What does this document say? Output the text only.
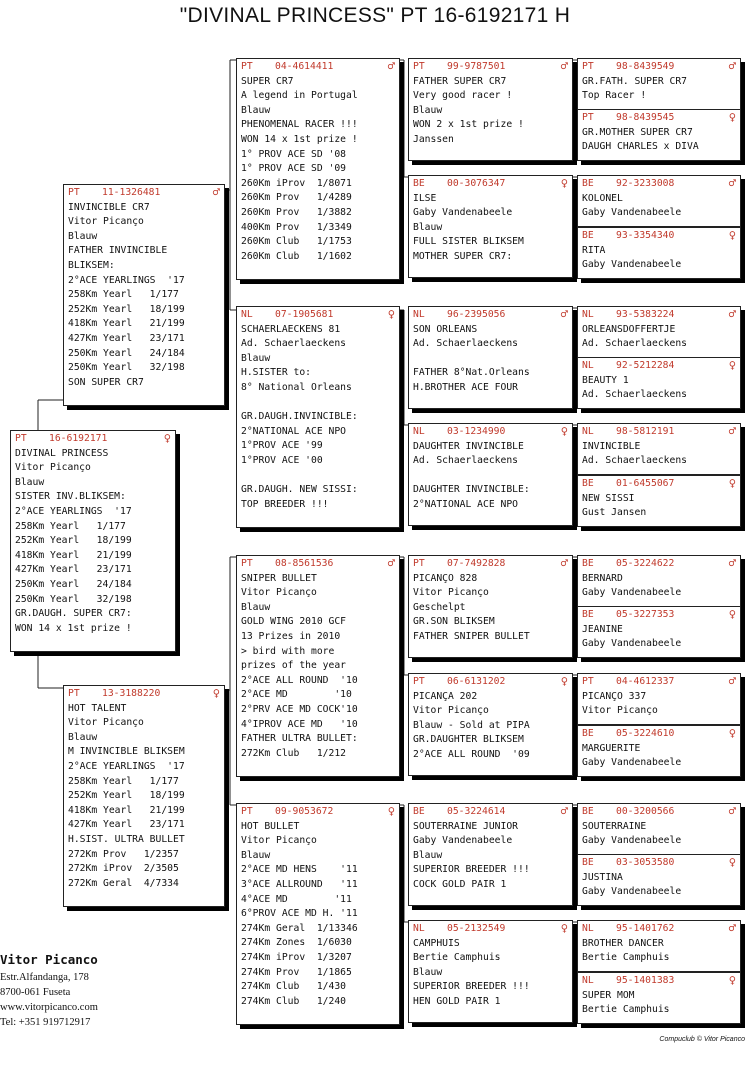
"DIVINAL PRINCESS" PT 16-6192171 H
PT 16-6192171	♀
DIVINAL PRINCESS
Vitor Picanço
Blauw
SISTER INV.BLIKSEM:
2°ACE YEARLINGS  '17
258Km Yearl   1/177
252Km Yearl   18/199
418Km Yearl   21/199
427Km Yearl   23/171
250Km Yearl   24/184
250Km Yearl   32/198
GR.DAUGH. SUPER CR7:
WON 14 x 1st prize !
PT 11-1326481	♂
INVINCIBLE CR7
Vitor Picanço
Blauw
FATHER INVINCIBLE
BLIKSEM:
2°ACE YEARLINGS  '17
258Km Yearl   1/177
252Km Yearl   18/199
418Km Yearl   21/199
427Km Yearl   23/171
250Km Yearl   24/184
250Km Yearl   32/198
SON SUPER CR7
PT 13-3188220	♀
HOT TALENT
Vitor Picanço
Blauw
M INVINCIBLE BLIKSEM
2°ACE YEARLINGS  '17
258Km Yearl   1/177
252Km Yearl   18/199
418Km Yearl   21/199
427Km Yearl   23/171
H.SIST. ULTRA BULLET
272Km Prov   1/2357
272Km iProv  2/3505
272Km Geral  4/7334
PT 04-4614411	♂
SUPER CR7
A legend in Portugal
Blauw
PHENOMENAL RACER !!!
WON 14 x 1st prize !
1° PROV ACE SD '08
1° PROV ACE SD '09
260Km iProv  1/8071
260Km Prov   1/4289
260Km Prov   1/3882
400Km Prov   1/3349
260Km Club   1/1753
260Km Club   1/1602
NL 07-1905681	♀
SCHAERLAECKENS 81
Ad. Schaerlaeckens
Blauw
H.SISTER to:
8° National Orleans
GR.DAUGH.INVINCIBLE:
2°NATIONAL ACE NPO
1°PROV ACE '99
1°PROV ACE '00
GR.DAUGH. NEW SISSI:
TOP BREEDER !!!
PT 08-8561536	♂
SNIPER BULLET
Vitor Picanço
Blauw
GOLD WING 2010 GCF
13 Prizes in 2010
> bird with more
prizes of the year
2°ACE ALL ROUND  '10
2°ACE MD        '10
2°PRV ACE MD COCK'10
4°IPROV ACE MD   '10
FATHER ULTRA BULLET:
272Km Club   1/212
PT 09-9053672	♀
HOT BULLET
Vitor Picanço
Blauw
2°ACE MD HENS    '11
3°ACE ALLROUND   '11
4°ACE MD        '11
6°PROV ACE MD H. '11
274Km Geral  1/13346
274Km Zones  1/6030
274Km iProv  1/3207
274Km Prov   1/1865
274Km Club   1/430
274Km Club   1/240
PT 99-9787501	♂
FATHER SUPER CR7
Very good racer !
Blauw
WON 2 x 1st prize !
Janssen
BE 00-3076347	♀
ILSE
Gaby Vandenabeele
Blauw
FULL SISTER BLIKSEM
MOTHER SUPER CR7:
NL 96-2395056	♂
SON ORLEANS
Ad. Schaerlaeckens
FATHER 8°Nat.Orleans
H.BROTHER ACE FOUR
NL 03-1234990	♀
DAUGHTER INVINCIBLE
Ad. Schaerlaeckens
DAUGHTER INVINCIBLE:
2°NATIONAL ACE NPO
PT 07-7492828	♂
PICANÇO 828
Vitor Picanço
Geschelpt
GR.SON BLIKSEM
FATHER SNIPER BULLET
PT 06-6131202	♀
PICANÇA 202
Vitor Picanço
Blauw - Sold at PIPA
GR.DAUGHTER BLIKSEM
2°ACE ALL ROUND  '09
BE 05-3224614	♂
SOUTERRAINE JUNIOR
Gaby Vandenabeele
Blauw
SUPERIOR BREEDER !!!
COCK GOLD PAIR 1
NL 05-2132549	♀
CAMPHUIS
Bertie Camphuis
Blauw
SUPERIOR BREEDER !!!
HEN GOLD PAIR 1
PT 98-8439549	♂
GR.FATH. SUPER CR7
Top Racer !
PT 98-8439545	♀
GR.MOTHER SUPER CR7
DAUGH CHARLES x DIVA
BE 92-3233008	♂
KOLONEL
Gaby Vandenabeele
BE 93-3354340	♀
RITA
Gaby Vandenabeele
NL 93-5383224	♂
ORLEANSDOFFERTJE
Ad. Schaerlaeckens
NL 92-5212284	♀
BEAUTY 1
Ad. Schaerlaeckens
NL 98-5812191	♂
INVINCIBLE
Ad. Schaerlaeckens
BE 01-6455067	♀
NEW SISSI
Gust Jansen
BE 05-3224622	♂
BERNARD
Gaby Vandenabeele
BE 05-3227353	♀
JEANINE
Gaby Vandenabeele
PT 04-4612337	♂
PICANÇO 337
Vitor Picanço
BE 05-3224610	♀
MARGUERITE
Gaby Vandenabeele
BE 00-3200566	♂
SOUTERRAINE
Gaby Vandenabeele
BE 03-3053580	♀
JUSTINA
Gaby Vandenabeele
NL 95-1401762	♂
BROTHER DANCER
Bertie Camphuis
NL 95-1401383	♀
SUPER MOM
Bertie Camphuis
Vitor Picanco
Estr.Alfandanga, 178
8700-061 Fuseta
www.vitorpicanco.com
Tel: +351 919712917
Compuclub © Vitor Picanco
